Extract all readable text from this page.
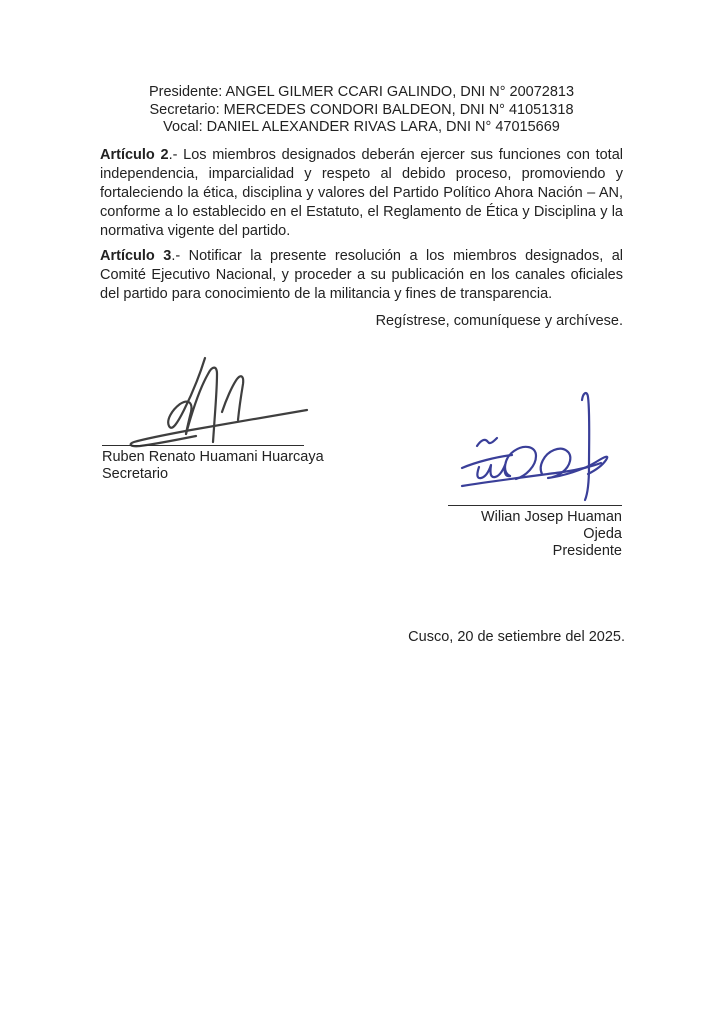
Presidente: ANGEL GILMER CCARI GALINDO, DNI N° 20072813
Secretario: MERCEDES CONDORI BALDEON, DNI N° 41051318
Vocal: DANIEL ALEXANDER RIVAS LARA, DNI N° 47015669

Artículo 2.- Los miembros designados deberán ejercer sus funciones con total independencia, imparcialidad y respeto al debido proceso, promoviendo y fortaleciendo la ética, disciplina y valores del Partido Político Ahora Nación – AN, conforme a lo establecido en el Estatuto, el Reglamento de Ética y Disciplina y la normativa vigente del partido.

Artículo 3.- Notificar la presente resolución a los miembros designados, al Comité Ejecutivo Nacional, y proceder a su publicación en los canales oficiales del partido para conocimiento de la militancia y fines de transparencia.

Regístrese, comuníquese y archívese.
Ruben Renato Huamani Huarcaya
Secretario
Wilian Josep Huaman Ojeda
Presidente
Cusco, 20 de setiembre del 2025.
